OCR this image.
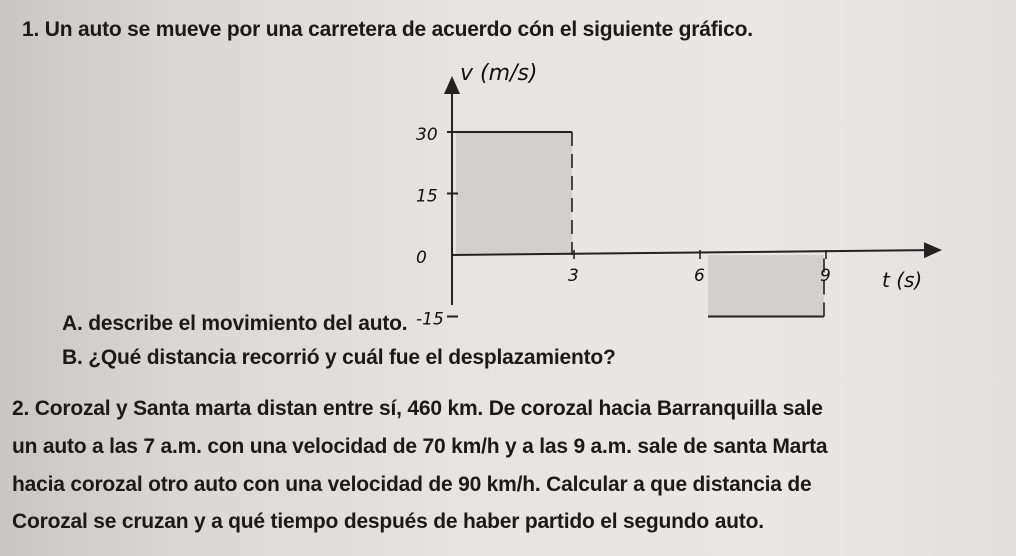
1. Un auto se mueve por una carretera de acuerdo cón el siguiente gráfico.

30
15
0
-15
3	6	9
v (m/s)
t (s)

A. describe el movimiento del auto.

B. ¿Qué distancia recorrió y cuál fue el desplazamiento?

2. Corozal y Santa marta distan entre sí, 460 km. De corozal hacia Barranquilla sale

un auto a las 7 a.m. con una velocidad de 70 km/h y a las 9 a.m. sale de santa Marta

hacia corozal otro auto con una velocidad de 90 km/h. Calcular a que distancia de

Corozal se cruzan y a qué tiempo después de haber partido el segundo auto.
